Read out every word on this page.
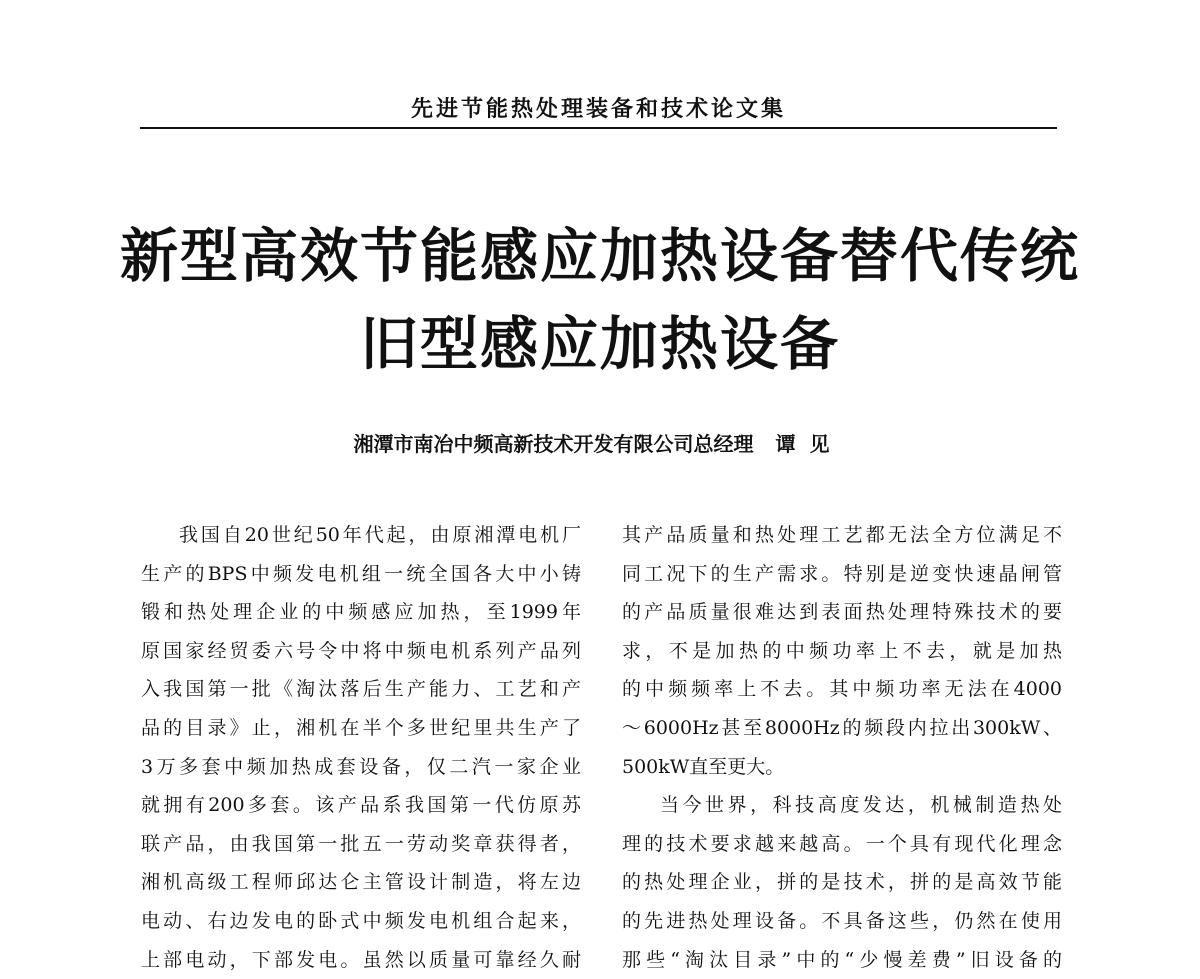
先进节能热处理装备和技术论文集
新型高效节能感应加热设备替代传统
旧型感应加热设备
湘潭市南冶中频高新技术开发有限公司总经理 谭见
我国自20世纪50年代起，由原湘潭电机厂
生产的BPS中频发电机组一统全国各大中小铸
锻和热处理企业的中频感应加热，至1999年
原国家经贸委六号令中将中频电机系列产品列
入我国第一批《淘汰落后生产能力、工艺和产
品的目录》止，湘机在半个多世纪里共生产了
3万多套中频加热成套设备，仅二汽一家企业
就拥有200多套。该产品系我国第一代仿原苏
联产品，由我国第一批五一劳动奖章获得者，
湘机高级工程师邱达仑主管设计制造，将左边
电动、右边发电的卧式中频发电机组合起来，
上部电动，下部发电。虽然以质量可靠经久耐
其产品质量和热处理工艺都无法全方位满足不
同工况下的生产需求。特别是逆变快速晶闸管
的产品质量很难达到表面热处理特殊技术的要
求，不是加热的中频功率上不去，就是加热
的中频频率上不去。其中频功率无法在4000
～6000Hz甚至8000Hz的频段内拉出300kW、
500kW直至更大。
当今世界，科技高度发达，机械制造热处
理的技术要求越来越高。一个具有现代化理念
的热处理企业，拼的是技术，拼的是高效节能
的先进热处理设备。不具备这些，仍然在使用
那些“淘汰目录”中的“少慢差费”旧设备的
